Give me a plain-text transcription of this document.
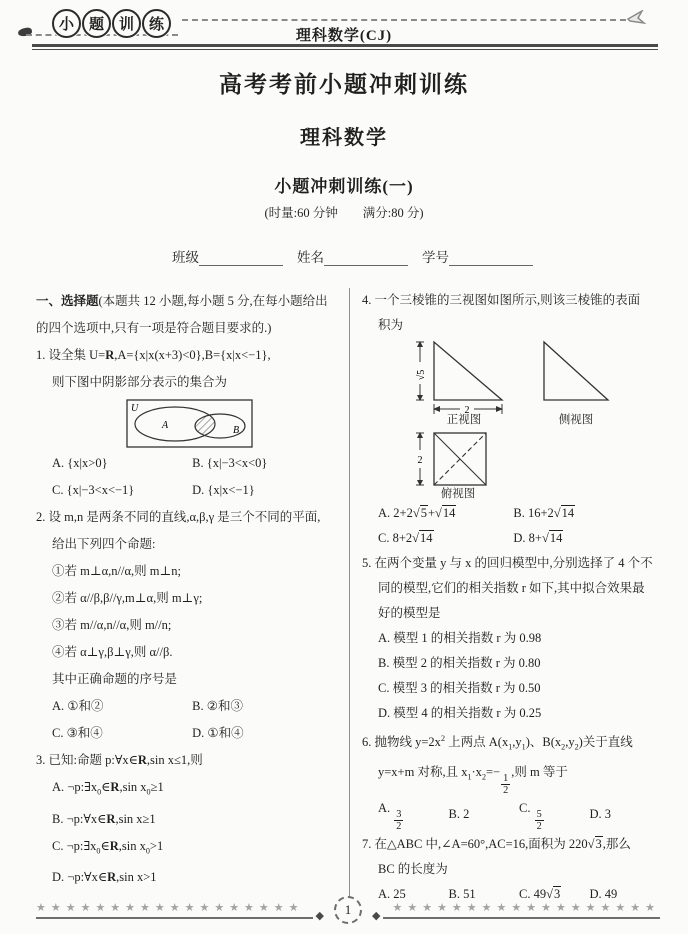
小 题 训 练
理科数学(CJ)
高考考前小题冲刺训练
理科数学
小题冲刺训练(一)
(时量:60 分钟　　满分:80 分)
班级	姓名	学号
一、选择题(本题共 12 小题,每小题 5 分,在每小题给出
的四个选项中,只有一项是符合题目要求的.)
1. 设全集 U=R,A={x|x(x+3)<0},B={x|x<−1},
则下图中阴影部分表示的集合为
U
A	B
A. {x|x>0}	B. {x|−3<x<0}
C. {x|−3<x<−1}	D. {x|x<−1}
2. 设 m,n 是两条不同的直线,α,β,γ 是三个不同的平面,
给出下列四个命题:
①若 m⊥α,n//α,则 m⊥n;
②若 α//β,β//γ,m⊥α,则 m⊥γ;
③若 m//α,n//α,则 m//n;
④若 α⊥γ,β⊥γ,则 α//β.
其中正确命题的序号是
A. ①和②	B. ②和③
C. ③和④	D. ①和④
3. 已知:命题 p:∀x∈R,sin x≤1,则
A. $\neg p:\exists x_0\in R,\sin$ $x_0\ge 1$
B. ¬p:∀x∈R,sin x≥1
C. $\neg p:\exists x_0\in R,\sin$ $x_0>1$
D. ¬p:∀x∈R,sin x>1
4. 一个三棱锥的三视图如图所示,则该三棱锥的表面
积为
√5
2
正视图	侧视图
2
俯视图
A. 2+2√5+√14	B. 16+2√14
C. 8+2√14	D. 8+√14
5. 在两个变量 y 与 x 的回归模型中,分别选择了 4 个不
同的模型,它们的相关指数 r 如下,其中拟合效果最
好的模型是
A. 模型 1 的相关指数 r 为 0.98
B. 模型 2 的相关指数 r 为 0.80
C. 模型 3 的相关指数 r 为 0.50
D. 模型 4 的相关指数 r 为 0.25
6. 抛物线 $y=2x^2$ 上两点 $A(x_1,y_1)$、$B(x_2,y_2)$关于直线
y=x+m 对称,且 $x_1\cdot x_2=-$
$\frac{1}{2}$
,则 m 等于
A.
$\frac{3}{2}$	B. 2	C.
$\frac{5}{2}$	D. 3
7. 在△ABC 中,∠A=60°,AC=16,面积为 220√3,那么
BC 的长度为
A. 25	B. 51	C. 49√3	D. 49
★★★★★★★★★★★★★★★★★★
◆	1	◆
★★★★★★★★★★★★★★★★★★
